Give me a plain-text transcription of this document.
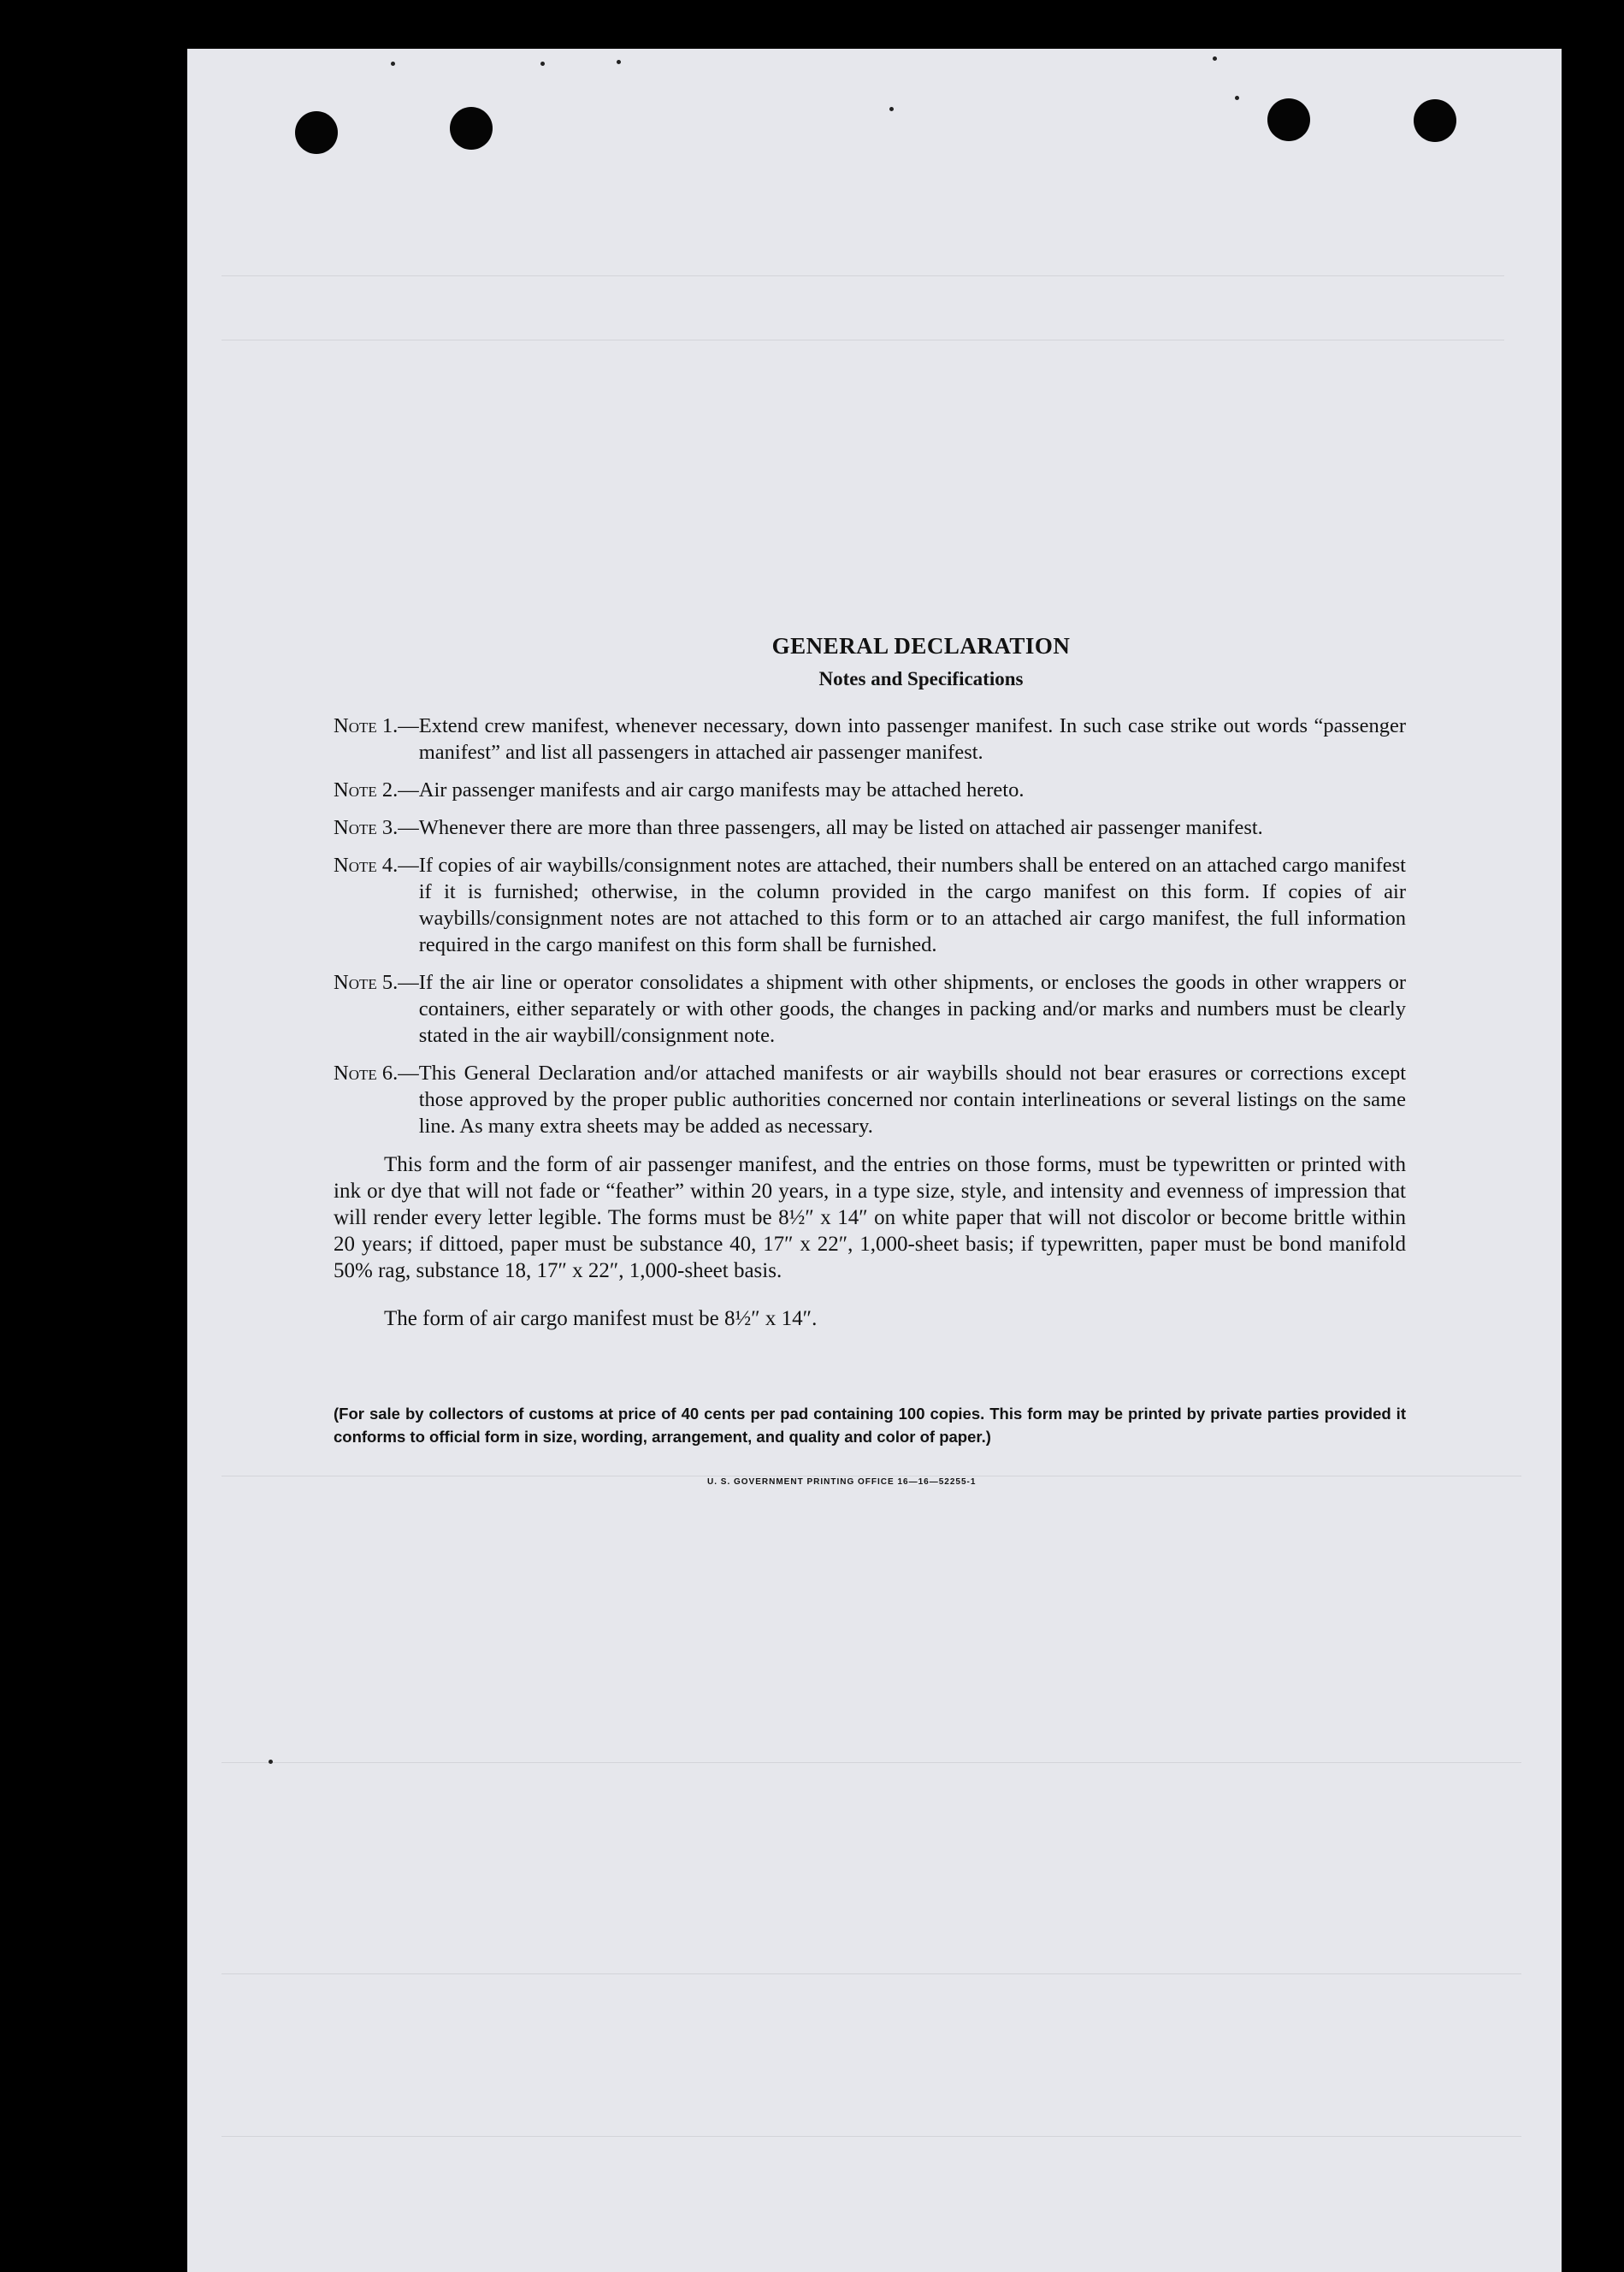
GENERAL DECLARATION
Notes and Specifications
Note 1.— Extend crew manifest, whenever necessary, down into passenger manifest. In such case strike out words “passenger manifest” and list all passengers in attached air passenger manifest.
Note 2.— Air passenger manifests and air cargo manifests may be attached hereto.
Note 3.— Whenever there are more than three passengers, all may be listed on attached air passenger manifest.
Note 4.— If copies of air waybills/consignment notes are attached, their numbers shall be entered on an attached cargo manifest if it is furnished; otherwise, in the column provided in the cargo manifest on this form. If copies of air waybills/consignment notes are not attached to this form or to an attached air cargo manifest, the full information required in the cargo manifest on this form shall be furnished.
Note 5.— If the air line or operator consolidates a shipment with other shipments, or encloses the goods in other wrappers or containers, either separately or with other goods, the changes in packing and/or marks and numbers must be clearly stated in the air waybill/consignment note.
Note 6.— This General Declaration and/or attached manifests or air waybills should not bear erasures or corrections except those approved by the proper public authorities concerned nor contain interlineations or several listings on the same line. As many extra sheets may be added as necessary.

This form and the form of air passenger manifest, and the entries on those forms, must be typewritten or printed with ink or dye that will not fade or “feather” within 20 years, in a type size, style, and intensity and evenness of impression that will render every letter legible. The forms must be 8½″ x 14″ on white paper that will not discolor or become brittle within 20 years; if dittoed, paper must be substance 40, 17″ x 22″, 1,000-sheet basis; if typewritten, paper must be bond manifold 50% rag, substance 18, 17″ x 22″, 1,000-sheet basis.

The form of air cargo manifest must be 8½″ x 14″.

(For sale by collectors of customs at price of 40 cents per pad containing 100 copies. This form may be printed by private parties provided it conforms to official form in size, wording, arrangement, and quality and color of paper.)
U. S. GOVERNMENT PRINTING OFFICE 16—16—52255-1
